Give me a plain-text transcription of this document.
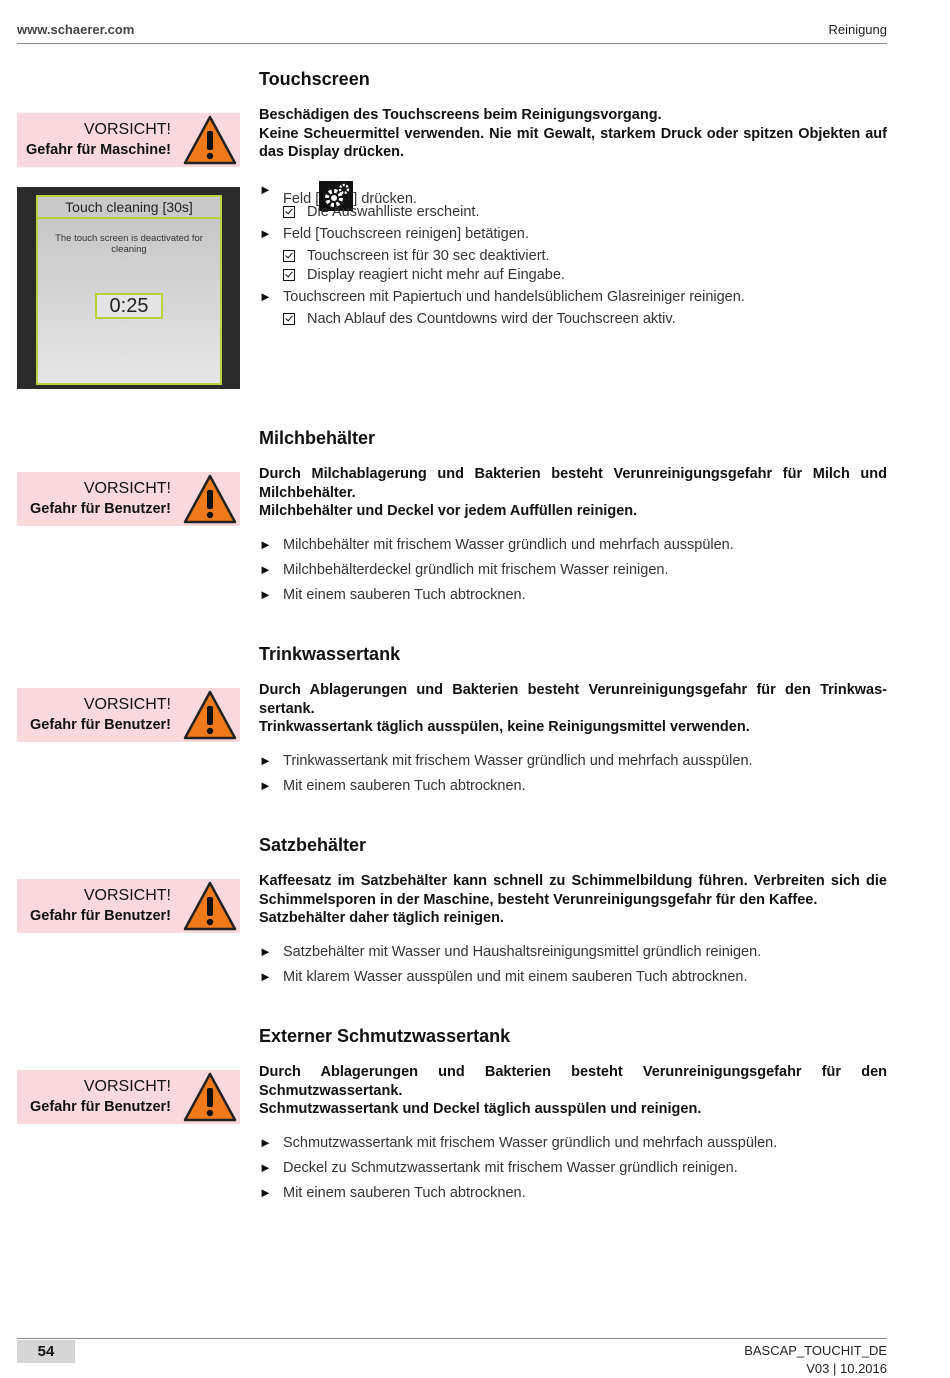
www.schaerer.com	Reinigung
Touchscreen
VORSICHT!
Gefahr für Maschine!

Beschädigen des Touchscreens beim Reinigungsvorgang.

Keine Scheuermittel verwenden. Nie mit Gewalt, starkem Druck oder spitzen Objekten auf das Display drücken.

Touch cleaning [30s]
The touch screen is deactivated for cleaning
0:25
►
Feld [ ] drücken.
Die Auswahlliste erscheint.
► Feld [Touchscreen reinigen] betätigen.
Touchscreen ist für 30 sec deaktiviert.
Display reagiert nicht mehr auf Eingabe.
► Touchscreen mit Papiertuch und handelsüblichem Glasreiniger reinigen.
Nach Ablauf des Countdowns wird der Touchscreen aktiv.
Milchbehälter
VORSICHT!
Gefahr für Benutzer!

Durch Milchablagerung und Bakterien besteht Verunreinigungsgefahr für Milch und Milchbehälter.

Milchbehälter und Deckel vor jedem Auffüllen reinigen.

► Milchbehälter mit frischem Wasser gründlich und mehrfach ausspülen.
► Milchbehälterdeckel gründlich mit frischem Wasser reinigen.
► Mit einem sauberen Tuch abtrocknen.
Trinkwassertank
VORSICHT!
Gefahr für Benutzer!

Durch Ablagerungen und Bakterien besteht Verunreinigungsgefahr für den Trinkwas-sertank.

Trinkwassertank täglich ausspülen, keine Reinigungsmittel verwenden.

► Trinkwassertank mit frischem Wasser gründlich und mehrfach ausspülen.
► Mit einem sauberen Tuch abtrocknen.
Satzbehälter
VORSICHT!
Gefahr für Benutzer!

Kaffeesatz im Satzbehälter kann schnell zu Schimmelbildung führen. Verbreiten sich die Schimmelsporen in der Maschine, besteht Verunreinigungsgefahr für den Kaffee.

Satzbehälter daher täglich reinigen.

► Satzbehälter mit Wasser und Haushaltsreinigungsmittel gründlich reinigen.
► Mit klarem Wasser ausspülen und mit einem sauberen Tuch abtrocknen.
Externer Schmutzwassertank
VORSICHT!
Gefahr für Benutzer!

Durch Ablagerungen und Bakterien besteht Verunreinigungsgefahr für den Schmutzwassertank.

Schmutzwassertank und Deckel täglich ausspülen und reinigen.

► Schmutzwassertank mit frischem Wasser gründlich und mehrfach ausspülen.
► Deckel zu Schmutzwassertank mit frischem Wasser gründlich reinigen.
► Mit einem sauberen Tuch abtrocknen.
54	BASCAP_TOUCHIT_DE
V03 | 10.2016
